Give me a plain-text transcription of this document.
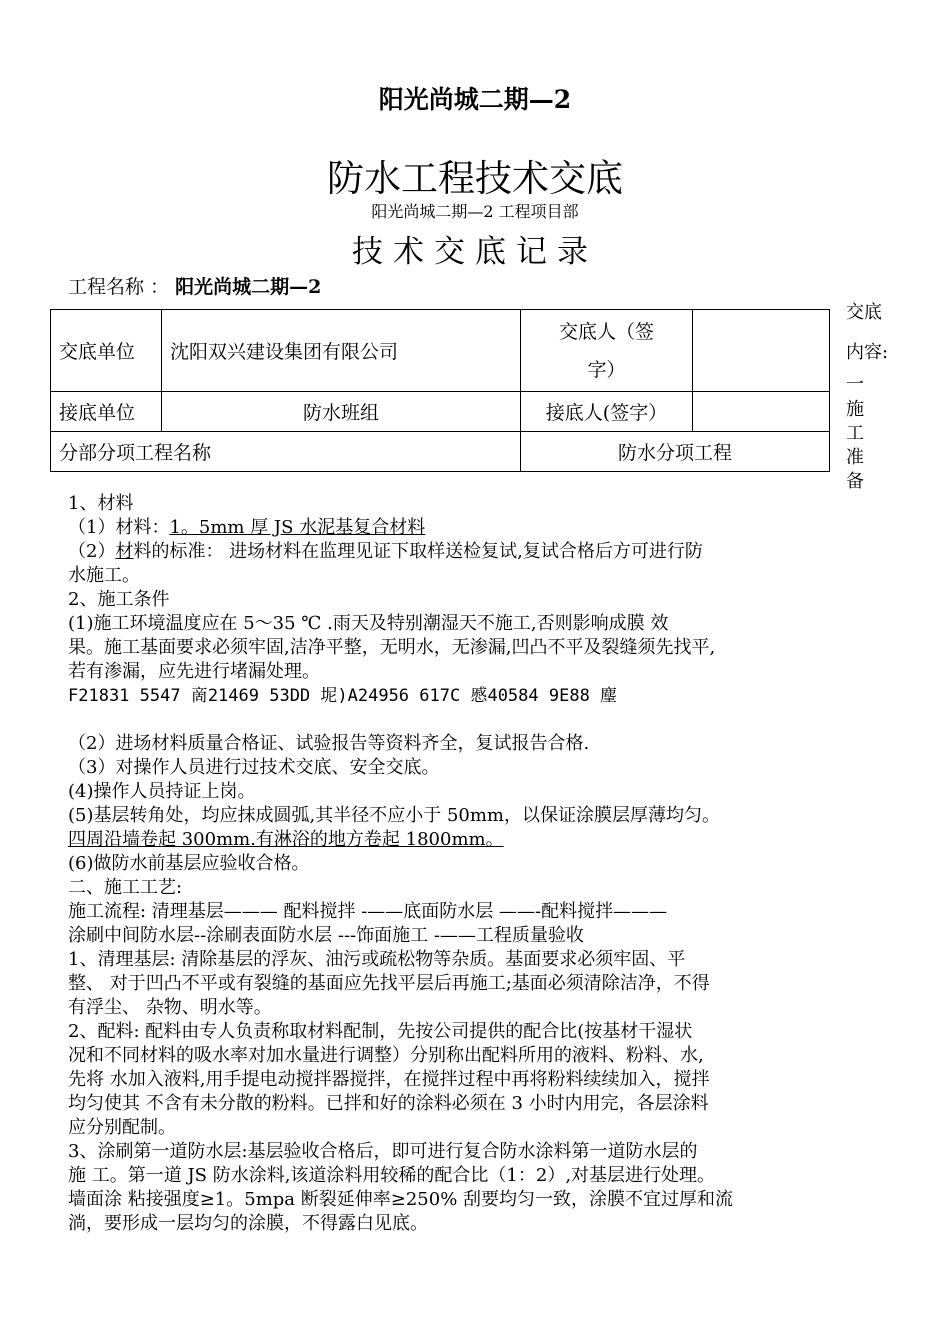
阳光尚城二期—2
防水工程技术交底
阳光尚城二期—2 工程项目部
技术交底记录
工程名称 ： 阳光尚城二期—2
交底单位	沈阳双兴建设集团有限公司	交底人（签
字）	
接底单位	防水班组	接底人(签字）	
分部分项工程名称		防水分项工程	
交底
内容:
一
施
工
准
备

1、材料

（1）材料：1。5mm 厚 JS 水泥基复合材料

（2）材料的标准： 进场材料在监理见证下取样送检复试,复试合格后方可进行防

水施工。

2、施工条件

(1)施工环境温度应在 5～35 ℃ .雨天及特别潮湿天不施工,否则影响成膜 效

果。施工基面要求必须牢固,洁净平整，无明水，无渗漏,凹凸不平及裂缝须先找平,

若有渗漏，应先进行堵漏处理。

F21831 5547 啇21469 53DD 坭)A24956 617C 慼40584 9E88 麈

（2）进场材料质量合格证、试验报告等资料齐全，复试报告合格.

（3）对操作人员进行过技术交底、安全交底。

(4)操作人员持证上岗。

(5)基层转角处，均应抹成圆弧,其半径不应小于 50mm，以保证涂膜层厚薄均匀。

四周沿墙卷起 300mm.有淋浴的地方卷起 1800mm。

(6)做防水前基层应验收合格。

二、施工工艺:

施工流程: 清理基层——— 配料搅拌 -——底面防水层 ——-配料搅拌———

涂刷中间防水层--涂刷表面防水层 ---饰面施工 -——工程质量验收

1、清理基层: 清除基层的浮灰、油污或疏松物等杂质。基面要求必须牢固、平

整、 对于凹凸不平或有裂缝的基面应先找平层后再施工;基面必须清除洁净，不得

有浮尘、 杂物、明水等。

2、配料: 配料由专人负责称取材料配制，先按公司提供的配合比(按基材干湿状

况和不同材料的吸水率对加水量进行调整）分别称出配料所用的液料、粉料、水,

先将 水加入液料,用手提电动搅拌器搅拌，在搅拌过程中再将粉料续续加入，搅拌

均匀使其 不含有未分散的粉料。已拌和好的涂料必须在 3 小时内用完，各层涂料

应分别配制。

3、涂刷第一道防水层:基层验收合格后，即可进行复合防水涂料第一道防水层的

施 工。第一道 JS 防水涂料,该道涂料用较稀的配合比（1：2）,对基层进行处理。

墙面涂 粘接强度≥1。5mpa 断裂延伸率≥250% 刮要均匀一致，涂膜不宜过厚和流

淌，要形成一层均匀的涂膜，不得露白见底。
